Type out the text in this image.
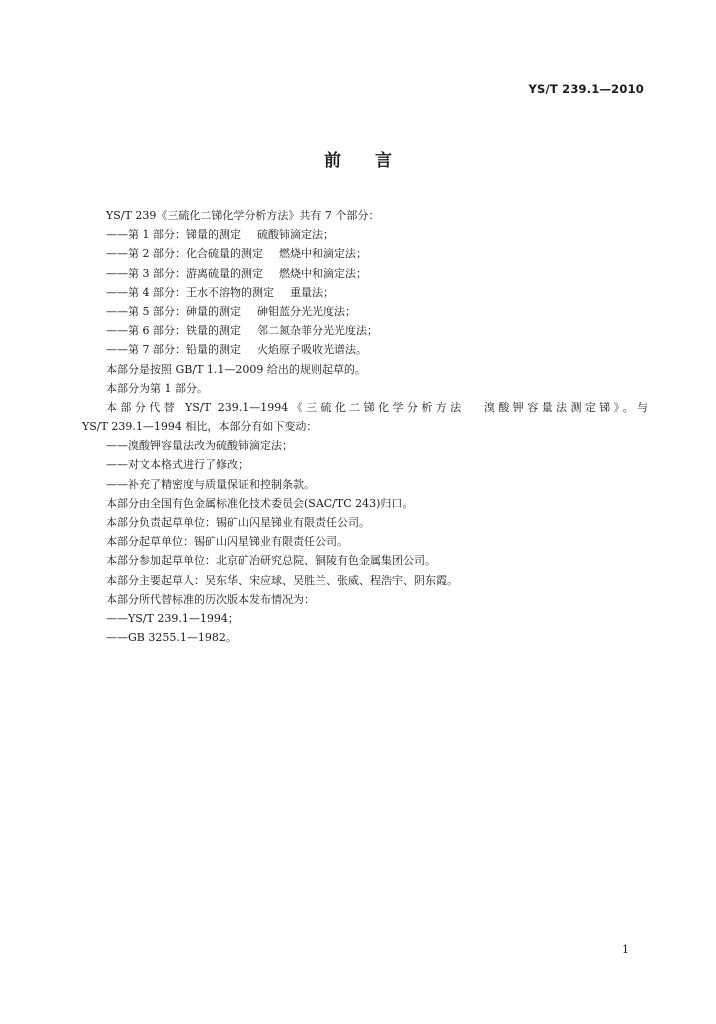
YS/T 239.1—2010
前言
YS/T 239《三硫化二锑化学分析方法》共有 7 个部分：
——第 1 部分：锑量的测定 硫酸铈滴定法；
——第 2 部分：化合硫量的测定 燃烧中和滴定法；
——第 3 部分：游离硫量的测定 燃烧中和滴定法；
——第 4 部分：王水不溶物的测定 重量法；
——第 5 部分：砷量的测定 砷钼蓝分光光度法；
——第 6 部分：铁量的测定 邻二氮杂菲分光光度法；
——第 7 部分：铅量的测定 火焰原子吸收光谱法。
本部分是按照 GB/T 1.1—2009 给出的规则起草的。
本部分为第 1 部分。
本部分代替 YS/T 239.1—1994《三硫化二锑化学分析方法 溴酸钾容量法测定锑》。与
YS/T 239.1—1994 相比，本部分有如下变动：
——溴酸钾容量法改为硫酸铈滴定法；
——对文本格式进行了修改；
——补充了精密度与质量保证和控制条款。
本部分由全国有色金属标准化技术委员会(SAC/TC 243)归口。
本部分负责起草单位：锡矿山闪星锑业有限责任公司。
本部分起草单位：锡矿山闪星锑业有限责任公司。
本部分参加起草单位：北京矿冶研究总院、铜陵有色金属集团公司。
本部分主要起草人：吴东华、宋应球、吴胜兰、张威、程浩宇、阴东霞。
本部分所代替标准的历次版本发布情况为：
——YS/T 239.1—1994；
——GB 3255.1—1982。
1
